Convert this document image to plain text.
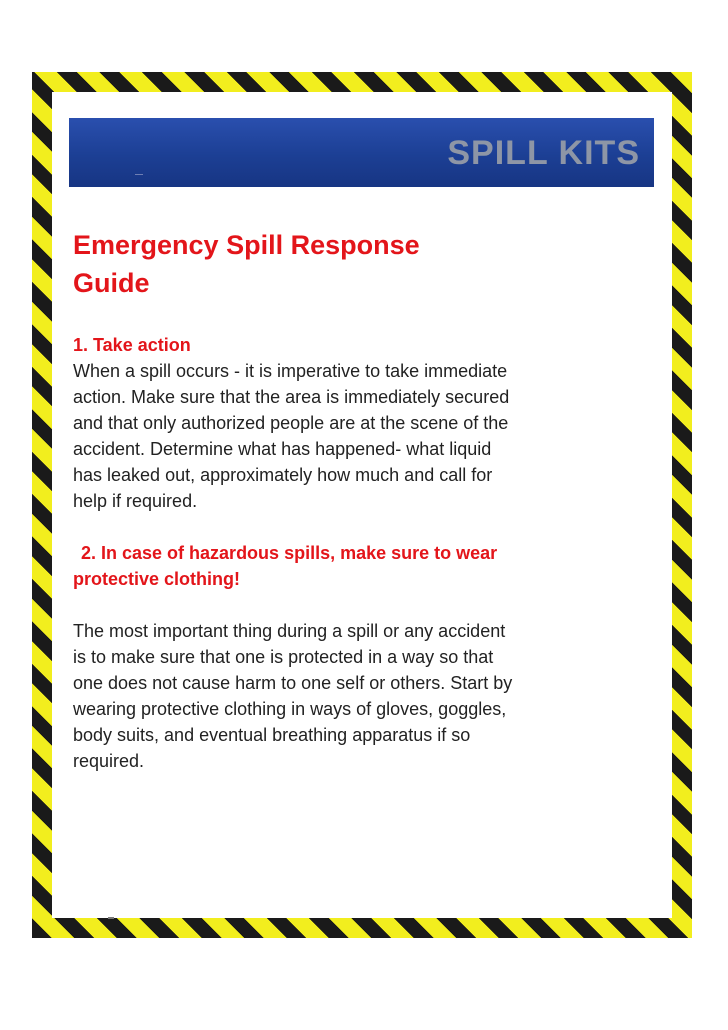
SPILL KITS
Emergency Spill Response
Guide

1. Take action

When a spill occurs - it is imperative to take immediate
action. Make sure that the area is immediately secured
and that only authorized people are at the scene of the
accident. Determine what has happened- what liquid
has leaked out, approximately how much and call for
help if required.

2. In case of hazardous spills, make sure to wear
protective clothing!

The most important thing during a spill or any accident
is to make sure that one is protected in a way so that
one does not cause harm to one self or others. Start by
wearing protective clothing in ways of gloves, goggles,
body suits, and eventual breathing apparatus if so
required.
